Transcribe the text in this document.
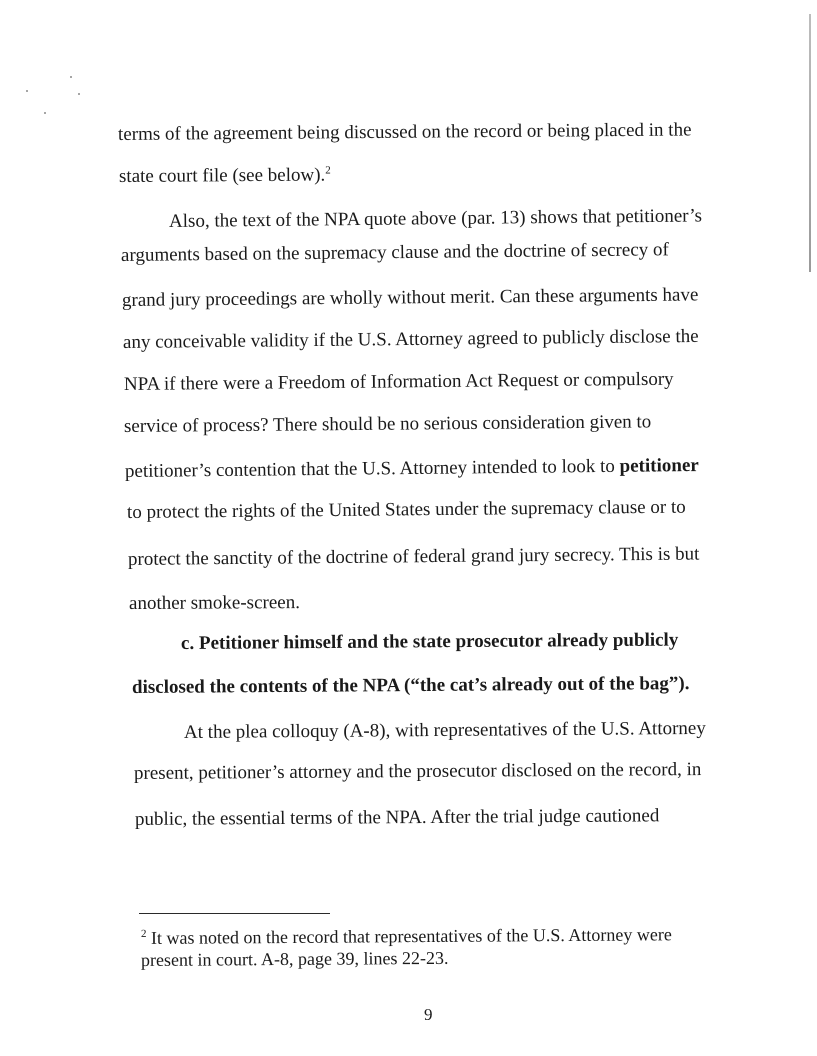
terms of the agreement being discussed on the record or being placed in the
state court file (see below).$^2$
Also, the text of the NPA quote above (par. 13) shows that petitioner’s
arguments based on the supremacy clause and the doctrine of secrecy of
grand jury proceedings are wholly without merit. Can these arguments have
any conceivable validity if the U.S. Attorney agreed to publicly disclose the
NPA if there were a Freedom of Information Act Request or compulsory
service of process? There should be no serious consideration given to
petitioner’s contention that the U.S. Attorney intended to look to petitioner
to protect the rights of the United States under the supremacy clause or to
protect the sanctity of the doctrine of federal grand jury secrecy. This is but
another smoke-screen.
c. Petitioner himself and the state prosecutor already publicly
disclosed the contents of the NPA (“the cat’s already out of the bag”).
At the plea colloquy (A-8), with representatives of the U.S. Attorney
present, petitioner’s attorney and the prosecutor disclosed on the record, in
public, the essential terms of the NPA. After the trial judge cautioned
$^2$ It was noted on the record that representatives of the U.S. Attorney were
present in court. A-8, page 39, lines 22-23.
9
